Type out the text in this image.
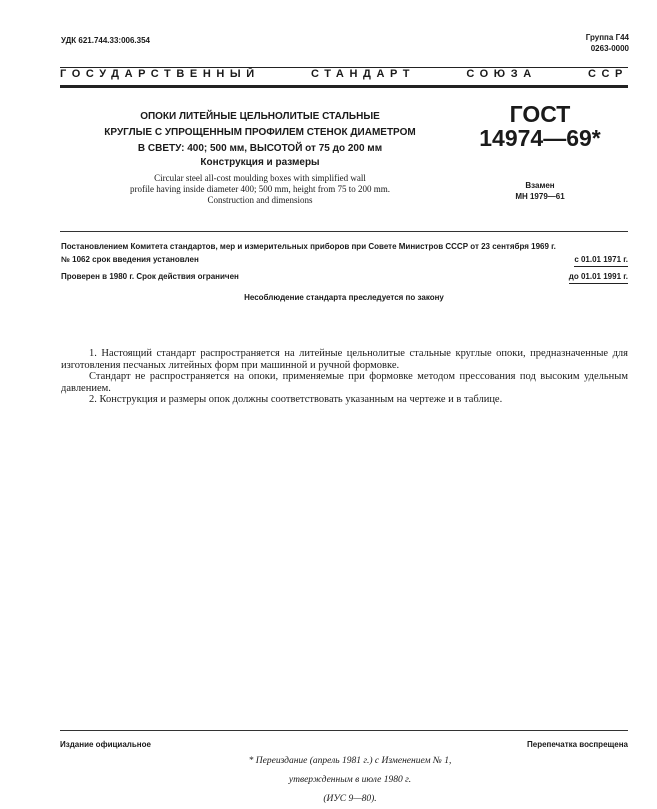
УДК 621.744.33:006.354	Группа Г44
0263-0000
ГОСУДАРСТВЕННЫЙ	СТАНДАРТ	СОЮЗА	ССР
ОПОКИ ЛИТЕЙНЫЕ ЦЕЛЬНОЛИТЫЕ СТАЛЬНЫЕ
КРУГЛЫЕ С УПРОЩЕННЫМ ПРОФИЛЕМ СТЕНОК ДИАМЕТРОМ
В СВЕТУ: 400; 500 мм, ВЫСОТОЙ от 75 до 200 мм
Конструкция и размеры
Circular steel all-cost moulding boxes with simplified wall
profile having inside diameter 400; 500 mm, height from 75 to 200 mm.
Construction and dimensions
ГОСТ
14974—69*
Взамен
МН 1979—61
Постановлением Комитета стандартов, мер и измерительных приборов при Совете Министров СССР от 23 сентября 1969 г.
№ 1062 срок введения установлен	с 01.01 1971 г.
Проверен в 1980 г. Срок действия ограничен	до 01.01 1991 г.
Несоблюдение стандарта преследуется по закону

1. Настоящий стандарт распространяется на литейные цельнолитые стальные круглые опоки, предназначенные для изготовления песчаных литейных форм при машинной и ручной формовке.

Стандарт не распространяется на опоки, применяемые при формовке методом прессования под высоким удельным давлением.

2. Конструкция и размеры опок должны соответствовать указанным на чертеже и в таблице.

Издание официальное	Перепечатка воспрещена
* Переиздание (апрель 1981 г.) с Изменением № 1,
утвержденным в июле 1980 г.
(ИУС 9—80).
